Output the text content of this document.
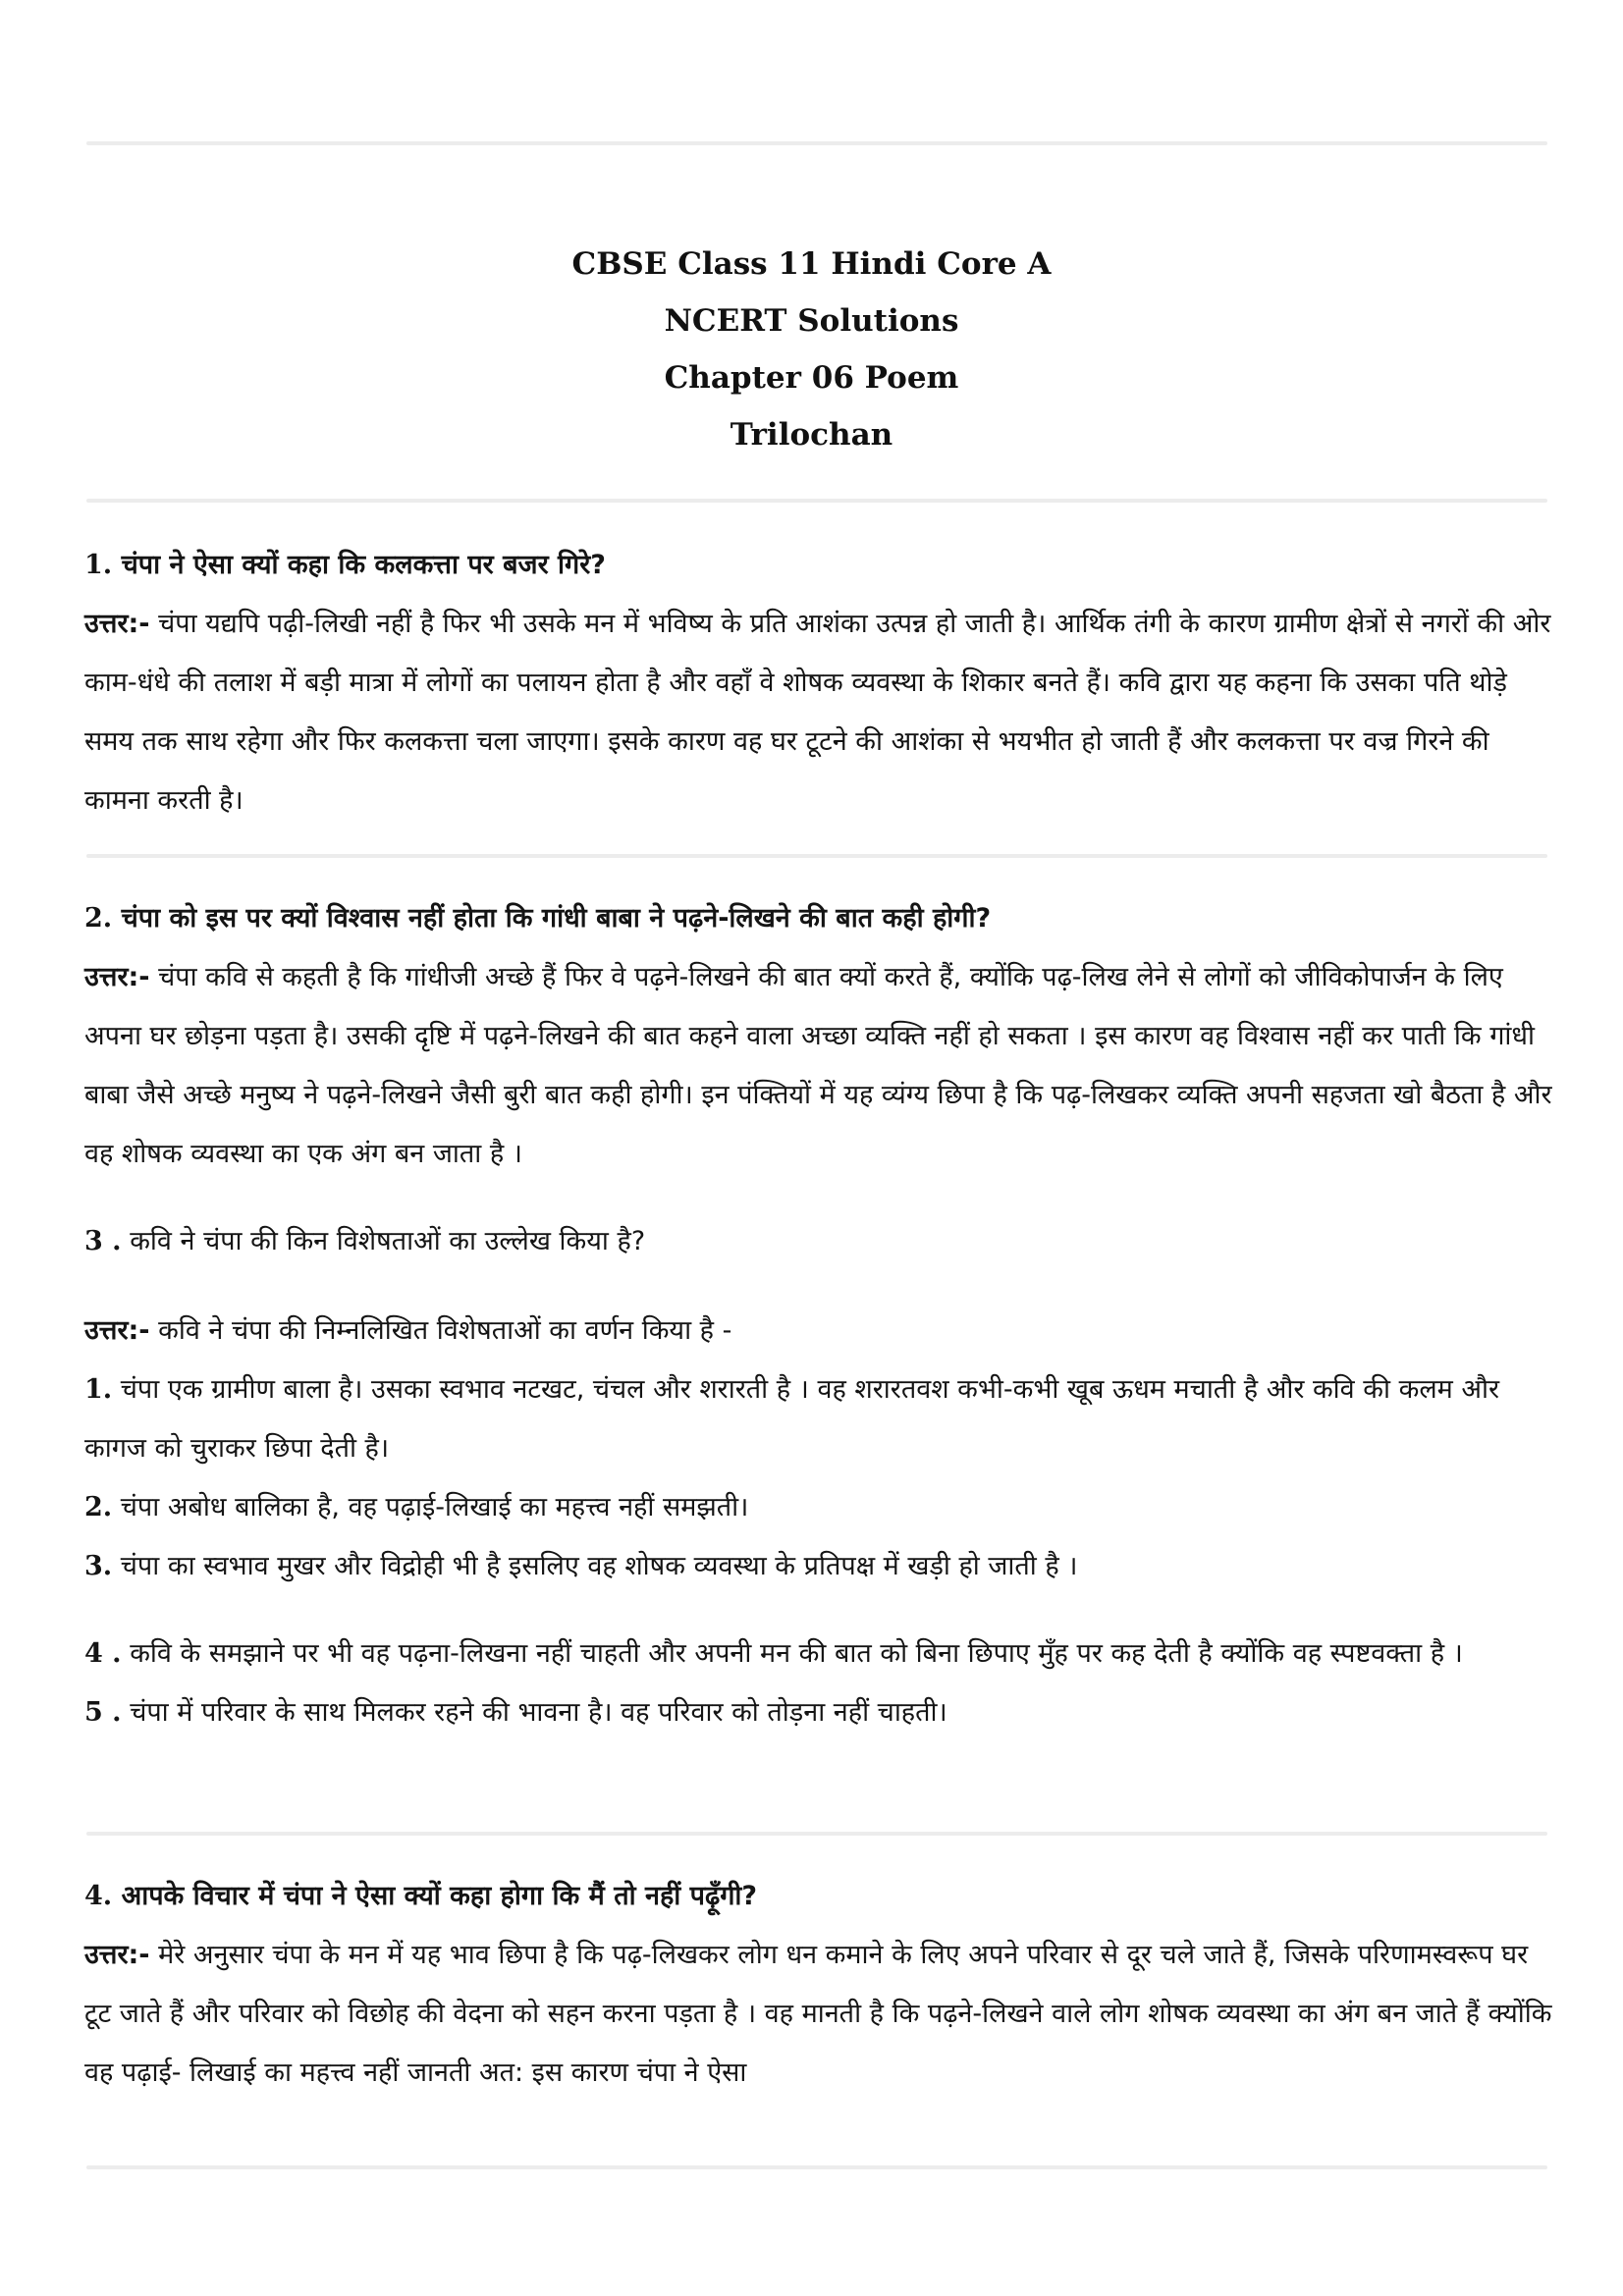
CBSE Class 11 Hindi Core A
NCERT Solutions
Chapter 06 Poem
Trilochan

1. चंपा ने ऐसा क्यों कहा कि कलकत्ता पर बजर गिरे?

उत्तर:- चंपा यद्यपि पढ़ी-लिखी नहीं है फिर भी उसके मन में भविष्य के प्रति आशंका उत्पन्न हो जाती है। आर्थिक तंगी के कारण ग्रामीण क्षेत्रों से नगरों की ओर काम-धंधे की तलाश में बड़ी मात्रा में लोगों का पलायन होता है और वहाँ वे शोषक व्यवस्था के शिकार बनते हैं। कवि द्वारा यह कहना कि उसका पति थोड़े समय तक साथ रहेगा और फिर कलकत्ता चला जाएगा। इसके कारण वह घर टूटने की आशंका से भयभीत हो जाती हैं और कलकत्ता पर वज्र गिरने की कामना करती है।

2. चंपा को इस पर क्यों विश्वास नहीं होता कि गांधी बाबा ने पढ़ने-लिखने की बात कही होगी?

उत्तर:- चंपा कवि से कहती है कि गांधीजी अच्छे हैं फिर वे पढ़ने-लिखने की बात क्यों करते हैं, क्योंकि पढ़-लिख लेने से लोगों को जीविकोपार्जन के लिए अपना घर छोड़ना पड़ता है। उसकी दृष्टि में पढ़ने-लिखने की बात कहने वाला अच्छा व्यक्ति नहीं हो सकता । इस कारण वह विश्वास नहीं कर पाती कि गांधी बाबा जैसे अच्छे मनुष्य ने पढ़ने-लिखने जैसी बुरी बात कही होगी। इन पंक्तियों में यह व्यंग्य छिपा है कि पढ़-लिखकर व्यक्ति अपनी सहजता खो बैठता है और वह शोषक व्यवस्था का एक अंग बन जाता है ।

3 . कवि ने चंपा की किन विशेषताओं का उल्लेख किया है?

उत्तर:- कवि ने चंपा की निम्नलिखित विशेषताओं का वर्णन किया है -

1. चंपा एक ग्रामीण बाला है। उसका स्वभाव नटखट, चंचल और शरारती है । वह शरारतवश कभी-कभी खूब ऊधम मचाती है और कवि की कलम और कागज को चुराकर छिपा देती है।

2. चंपा अबोध बालिका है, वह पढ़ाई-लिखाई का महत्त्व नहीं समझती।

3. चंपा का स्वभाव मुखर और विद्रोही भी है इसलिए वह शोषक व्यवस्था के प्रतिपक्ष में खड़ी हो जाती है ।

4 . कवि के समझाने पर भी वह पढ़ना-लिखना नहीं चाहती और अपनी मन की बात को बिना छिपाए मुँह पर कह देती है क्योंकि वह स्पष्टवक्ता है ।

5 . चंपा में परिवार के साथ मिलकर रहने की भावना है। वह परिवार को तोड़ना नहीं चाहती।

4. आपके विचार में चंपा ने ऐसा क्यों कहा होगा कि मैं तो नहीं पढ़ूँगी?

उत्तर:- मेरे अनुसार चंपा के मन में यह भाव छिपा है कि पढ़-लिखकर लोग धन कमाने के लिए अपने परिवार से दूर चले जाते हैं, जिसके परिणामस्वरूप घर टूट जाते हैं और परिवार को विछोह की वेदना को सहन करना पड़ता है । वह मानती है कि पढ़ने-लिखने वाले लोग शोषक व्यवस्था का अंग बन जाते हैं क्योंकि वह पढ़ाई- लिखाई का महत्त्व नहीं जानती अत: इस कारण चंपा ने ऐसा
